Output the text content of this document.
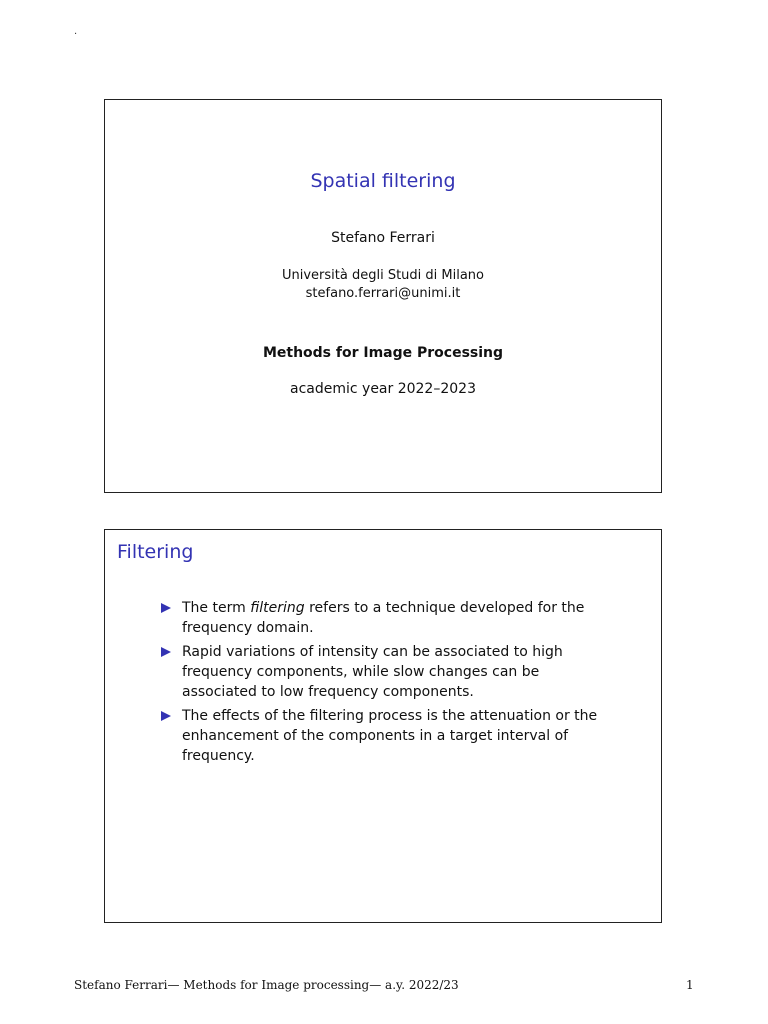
.
Spatial filtering
Stefano Ferrari
Università degli Studi di Milano
stefano.ferrari@unimi.it
Methods for Image Processing
academic year 2022–2023
Filtering
The term filtering refers to a technique developed for the frequency domain.
Rapid variations of intensity can be associated to high frequency components, while slow changes can be associated to low frequency components.
The effects of the filtering process is the attenuation or the enhancement of the components in a target interval of frequency.
Stefano Ferrari— Methods for Image processing— a.y. 2022/23	1
